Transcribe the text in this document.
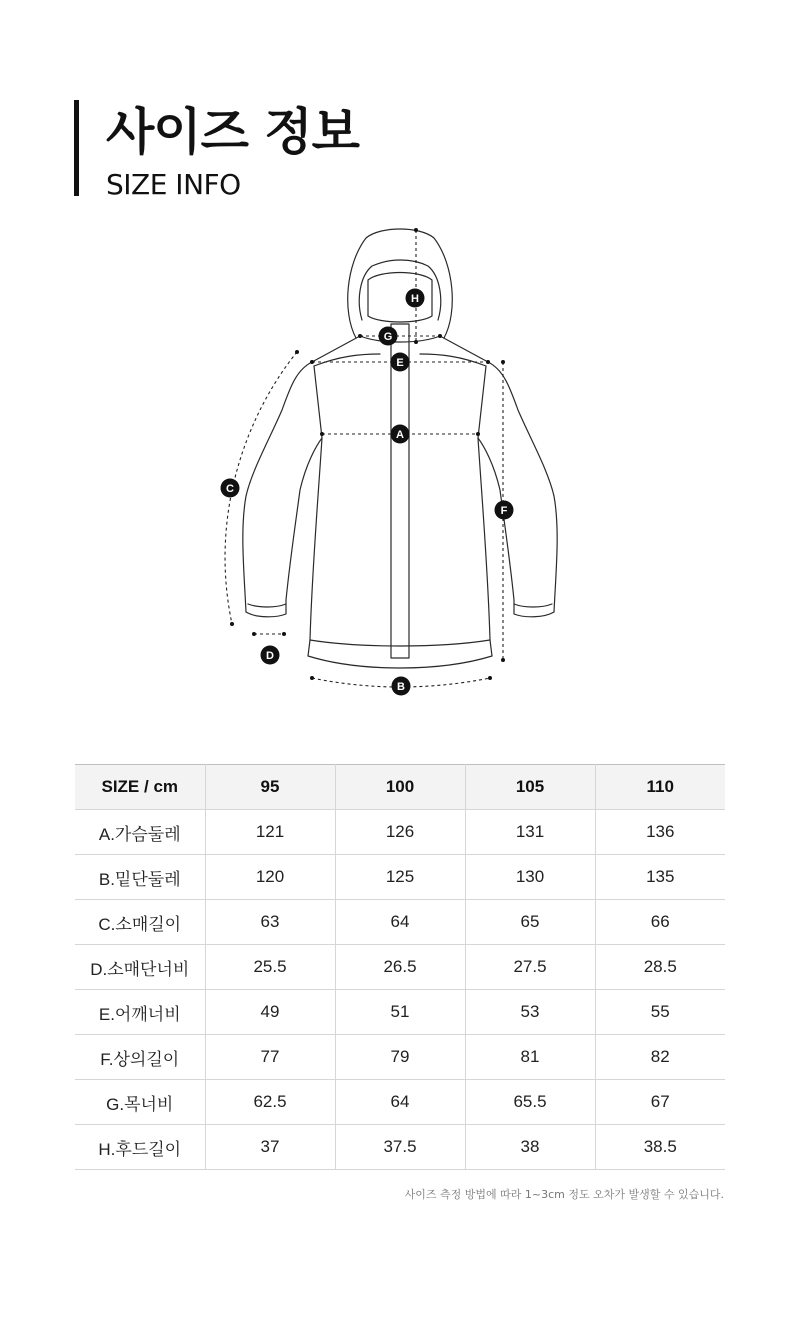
사이즈 정보
SIZE INFO
H
G
E
A
C
F
D
B
SIZE / cm	95	100	105	110
A.가슴둘레	121	126	131	136
B.밑단둘레	120	125	130	135
C.소매길이	63	64	65	66
D.소매단너비	25.5	26.5	27.5	28.5
E.어깨너비	49	51	53	55
F.상의길이	77	79	81	82
G.목너비	62.5	64	65.5	67
H.후드길이	37	37.5	38	38.5
사이즈 측정 방법에 따라 1~3cm 정도 오차가 발생할 수 있습니다.
